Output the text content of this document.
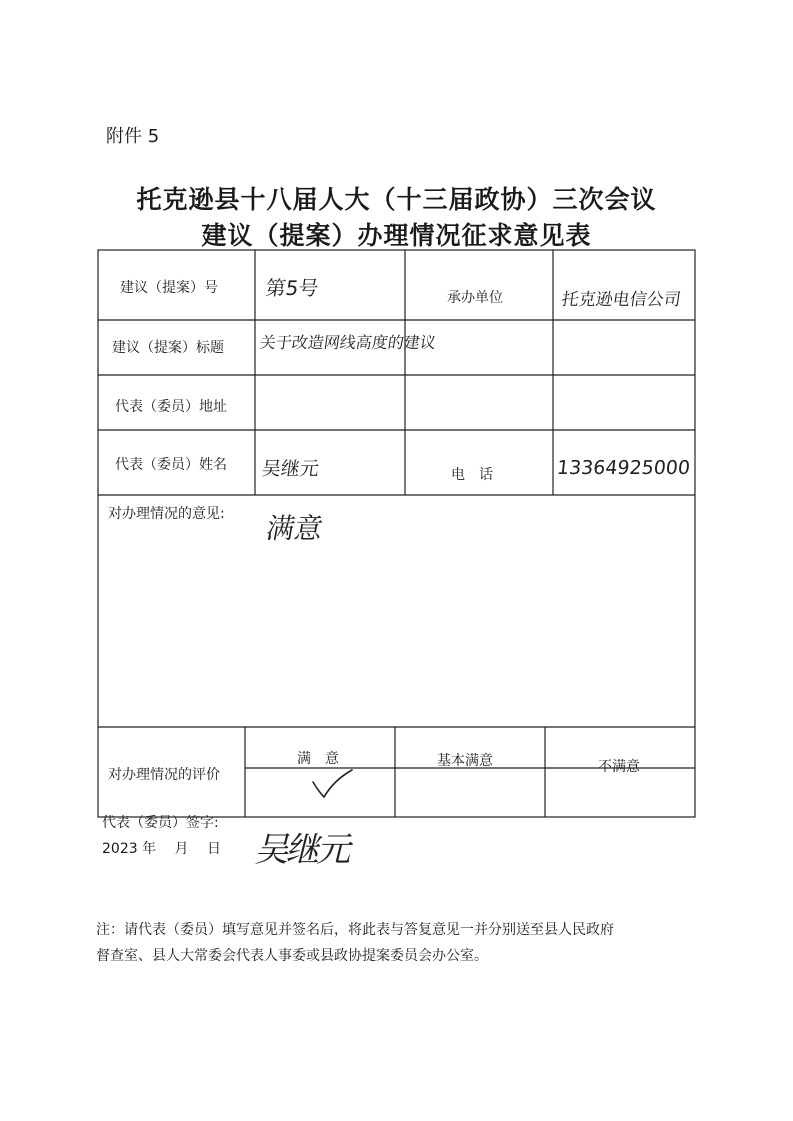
附件 5
托克逊县十八届人大（十三届政协）三次会议
建议（提案）办理情况征求意见表
建议（提案）号 第5号	承办单位	托克逊电信公司
建议（提案）标题 关于改造网线高度的建议
代表（委员）地址
代表（委员）姓名 吴继元	电　话	13364925000
对办理情况的意见: 满意
对办理情况的评价
满　意	基本满意	不满意
代表（委员）签字:
2023 年　 月　 日 吴继元
注：请代表（委员）填写意见并签名后，将此表与答复意见一并分别送至县人民政府
督查室、县人大常委会代表人事委或县政协提案委员会办公室。
